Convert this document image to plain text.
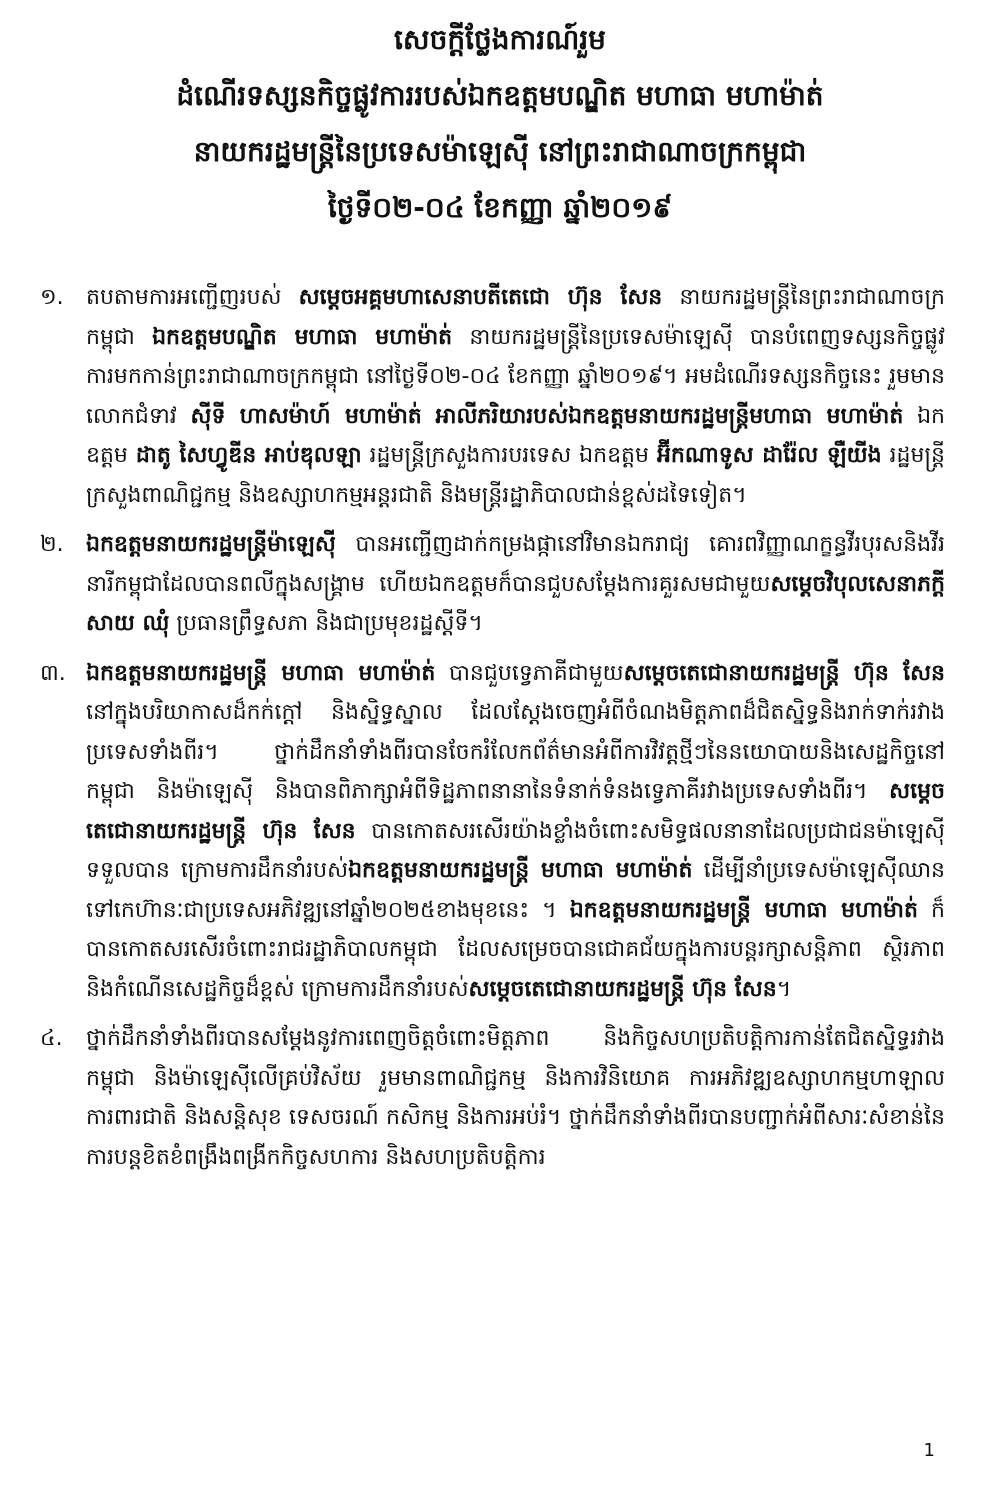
សេចក្តីថ្លែងការណ៍រួម
ដំណើរទស្សនកិច្ចផ្លូវការរបស់ឯកឧត្តមបណ្ឌិត មហាធា មហាម៉ាត់
នាយករដ្ឋមន្ត្រីនៃប្រទេសម៉ាឡេស៊ី នៅព្រះរាជាណាចក្រកម្ពុជា
ថ្ងៃទី០២-០៤ ខែកញ្ញា ឆ្នាំ២០១៩
១.	តបតាមការអញ្ជើញរបស់ សម្តេចអគ្គមហាសេនាបតីតេជោ ហ៊ុន សែន នាយករដ្ឋមន្ត្រីនៃព្រះរាជាណាចក្រកម្ពុជា ឯកឧត្តមបណ្ឌិត មហាធា មហាម៉ាត់ នាយករដ្ឋមន្ត្រីនៃប្រទេសម៉ាឡេស៊ី បានបំពេញទស្សនកិច្ចផ្លូវការមកកាន់ព្រះរាជាណាចក្រកម្ពុជា នៅថ្ងៃទី០២-០៤ ខែកញ្ញា ឆ្នាំ២០១៩។ អមដំណើរទស្សនកិច្ចនេះ រួមមានលោកជំទាវ ស៊ីទី ហាសម៉ាហ៍ មហាម៉ាត់ អាលីភរិយារបស់ឯកឧត្តមនាយករដ្ឋមន្ត្រីមហាធា មហាម៉ាត់ ឯកឧត្តម ដាតូ សៃហ្វូឌីន អាប់ឌុលឡា រដ្ឋមន្ត្រីក្រសួងការបរទេស ឯកឧត្តម អ៊ីកណាទូស ដារ៉ែល ឡឺយីង រដ្ឋមន្ត្រីក្រសួងពាណិជ្ជកម្ម និងឧស្សាហកម្មអន្តរជាតិ និងមន្ត្រីរដ្ឋាភិបាលជាន់ខ្ពស់ដទៃទៀត។
២.	ឯកឧត្តមនាយករដ្ឋមន្ត្រីម៉ាឡេស៊ី បានអញ្ជើញដាក់កម្រងផ្កានៅវិមានឯករាជ្យ គោរពវិញ្ញាណក្ខន្ធវីរបុរសនិងវីរនារីកម្ពុជាដែលបានពលីក្នុងសង្គ្រាម ហើយឯកឧត្តមក៏បានជួបសម្តែងការគួរសមជាមួយសម្តេចវិបុលសេនាភក្តី សាយ ឈុំ ប្រធានព្រឹទ្ធសភា និងជាប្រមុខរដ្ឋស្តីទី។
៣. ឯកឧត្តមនាយករដ្ឋមន្ត្រី មហាធា មហាម៉ាត់ បានជួបទ្វេភាគីជាមួយសម្តេចតេជោនាយករដ្ឋមន្ត្រី ហ៊ុន សែន នៅក្នុងបរិយាកាសដ៏កក់ក្តៅ និងស្និទ្ធស្នាល ដែលស្តែងចេញអំពីចំណងមិត្តភាពដ៏ជិតស្និទ្ធនិងរាក់ទាក់រវាងប្រទេសទាំងពីរ។ ថ្នាក់ដឹកនាំទាំងពីរបានចែករំលែកព័ត៌មានអំពីការវិវត្តថ្មីៗនៃនយោបាយនិងសេដ្ឋកិច្ចនៅកម្ពុជា និងម៉ាឡេស៊ី និងបានពិភាក្សាអំពីទិដ្ឋភាពនានានៃទំនាក់ទំនងទ្វេភាគីរវាងប្រទេសទាំងពីរ។ សម្តេចតេជោនាយករដ្ឋមន្ត្រី ហ៊ុន សែន បានកោតសរសើរយ៉ាងខ្លាំងចំពោះសមិទ្ធផលនានាដែលប្រជាជនម៉ាឡេស៊ីទទួលបាន ក្រោមការដឹកនាំរបស់ឯកឧត្តមនាយករដ្ឋមន្ត្រី មហាធា មហាម៉ាត់ ដើម្បីនាំប្រទេសម៉ាឡេស៊ីឈានទៅកេហ៊ានៈជាប្រទេសអភិវឌ្ឍនៅឆ្នាំ២០២៥ខាងមុខនេះ ។ ឯកឧត្តមនាយករដ្ឋមន្ត្រី មហាធា មហាម៉ាត់ ក៏បានកោតសរសើរចំពោះរាជរដ្ឋាភិបាលកម្ពុជា ដែលសម្រេចបានជោគជ័យក្នុងការបន្តរក្សាសន្តិភាព ស្ថិរភាព និងកំណើនសេដ្ឋកិច្ចដ៏ខ្ពស់ ក្រោមការដឹកនាំរបស់សម្តេចតេជោនាយករដ្ឋមន្ត្រី ហ៊ុន សែន។
៤.	ថ្នាក់ដឹកនាំទាំងពីរបានសម្តែងនូវការពេញចិត្តចំពោះមិត្តភាព និងកិច្ចសហប្រតិបត្តិការកាន់តែជិតស្និទ្ធរវាងកម្ពុជា និងម៉ាឡេស៊ីលើគ្រប់វិស័យ រួមមានពាណិជ្ជកម្ម និងការវិនិយោគ ការអភិវឌ្ឍឧស្សាហកម្មហាឡាល ការពារជាតិ និងសន្តិសុខ ទេសចរណ៍ កសិកម្ម និងការអប់រំ។ ថ្នាក់ដឹកនាំទាំងពីរបានបញ្ជាក់អំពីសារៈសំខាន់នៃការបន្តខិតខំពង្រឹងពង្រីកកិច្ចសហការ និងសហប្រតិបត្តិការ
1
